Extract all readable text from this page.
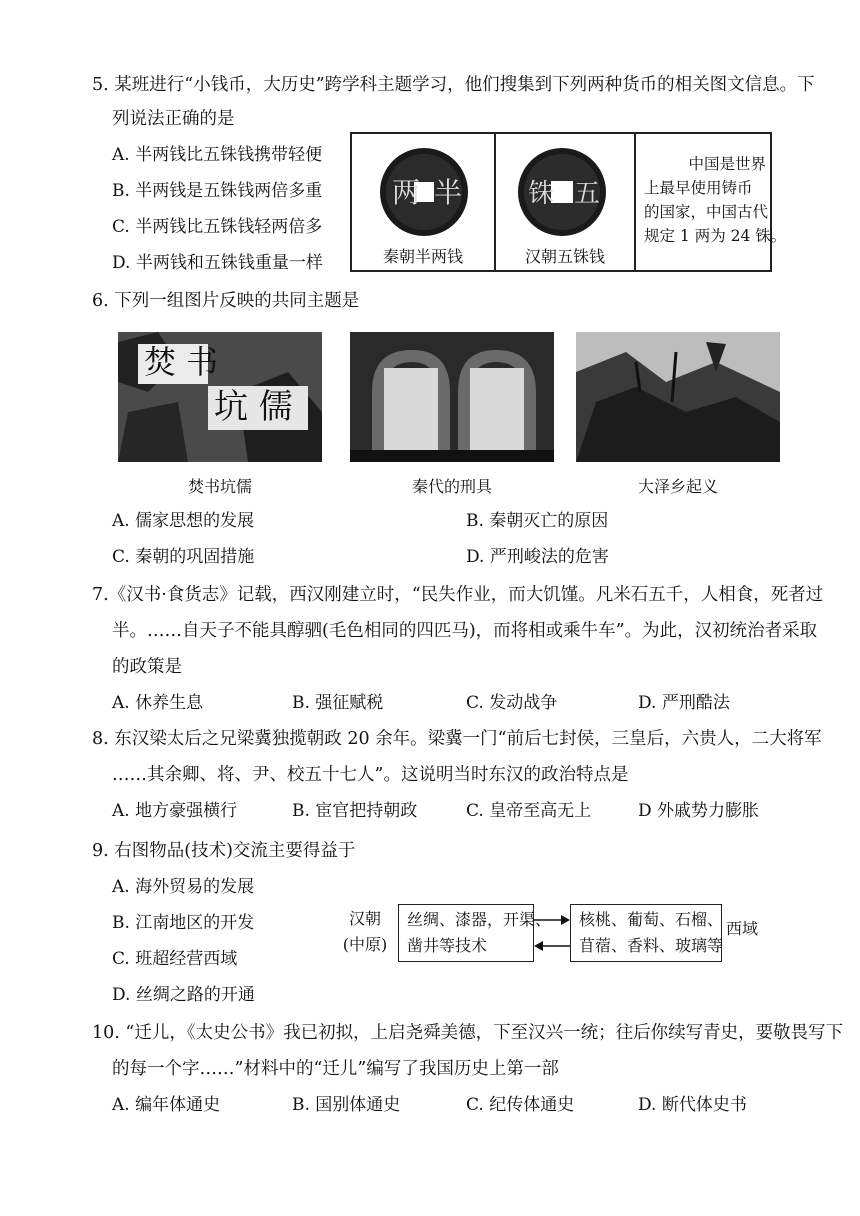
5. 某班进行“小钱币，大历史”跨学科主题学习，他们搜集到下列两种货币的相关图文信息。下
列说法正确的是
A. 半两钱比五铢钱携带轻便
B. 半两钱是五铢钱两倍多重
C. 半两钱比五铢钱轻两倍多
D. 半两钱和五铢钱重量一样
两 半
秦朝半两钱
铢 五
汉朝五铢钱
中国是世界
上最早使用铸币
的国家，中国古代
规定 1 两为 24 铢。
6. 下列一组图片反映的共同主题是
焚 书
坑 儒
焚书坑儒	秦代的刑具	大泽乡起义
A. 儒家思想的发展	B. 秦朝灭亡的原因
C. 秦朝的巩固措施	D. 严刑峻法的危害
7.《汉书·食货志》记载，西汉刚建立时，“民失作业，而大饥馑。凡米石五千，人相食，死者过
半。……自天子不能具醇驷(毛色相同的四匹马)，而将相或乘牛车”。为此，汉初统治者采取
的政策是
A. 休养生息	B. 强征赋税	C. 发动战争	D. 严刑酷法
8. 东汉梁太后之兄梁冀独揽朝政 20 余年。梁冀一门“前后七封侯，三皇后，六贵人，二大将军
……其余卿、将、尹、校五十七人”。这说明当时东汉的政治特点是
A. 地方豪强横行	B. 宦官把持朝政	C. 皇帝至高无上	D 外戚势力膨胀
9. 右图物品(技术)交流主要得益于
A. 海外贸易的发展
B. 江南地区的开发
C. 班超经营西域
D. 丝绸之路的开通
汉朝
(中原)
丝绸、漆器，开渠、
凿井等技术
核桃、葡萄、石榴、
苜蓿、香料、玻璃等
西域
10. “迁儿，《太史公书》我已初拟，上启尧舜美德，下至汉兴一统；往后你续写青史，要敬畏写下
的每一个字……”材料中的“迁儿”编写了我国历史上第一部
A. 编年体通史	B. 国别体通史	C. 纪传体通史	D. 断代体史书
